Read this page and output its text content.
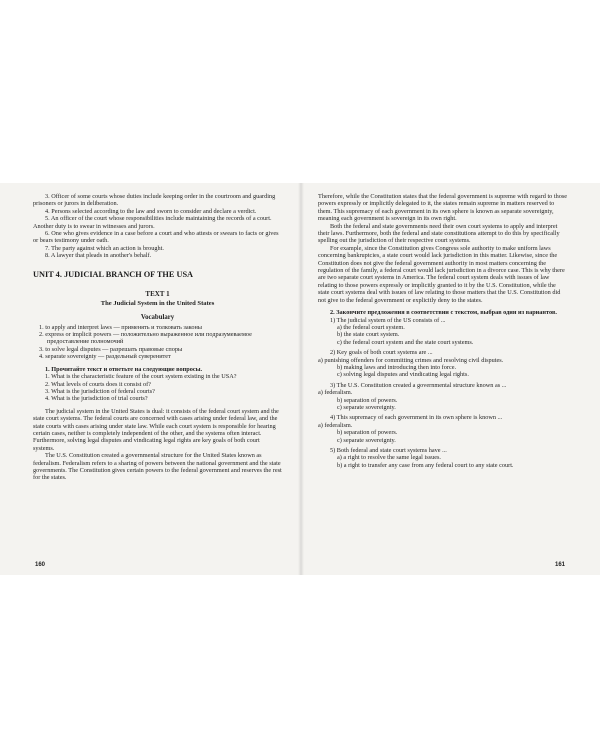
3. Officer of some courts whose duties include keeping order in the courtroom and guarding prisoners or jurors in deliberation.

4. Persons selected according to the law and sworn to consider and declare a verdict.

5. An officer of the court whose responsibilities include maintaining the records of a court. Another duty is to swear in witnesses and jurors.

6. One who gives evidence in a case before a court and who attests or swears to facts or gives or bears testimony under oath.

7. The party against which an action is brought.

8. A lawyer that pleads in another's behalf.

UNIT 4. JUDICIAL BRANCH OF THE USA

TEXT 1

The Judicial System in the United States

Vocabulary

1. to apply and interpret laws — применять и толковать законы

2. express or implicit powers — положительно выраженное или подразумеваемое предоставление полномочий

3. to solve legal disputes — разрешать правовые споры

4. separate sovereignty — раздельный суверенитет

1. Прочитайте текст и ответьте на следующие вопросы.

1. What is the characteristic feature of the court system existing in the USA?

2. What levels of courts does it consist of?

3. What is the jurisdiction of federal courts?

4. What is the jurisdiction of trial courts?

The judicial system in the United States is dual: it consists of the federal court system and the state court systems. The federal courts are concerned with cases arising under federal law, and the state courts with cases arising under state law. While each court system is responsible for hearing certain cases, neither is completely independent of the other, and the systems often interact. Furthermore, solving legal disputes and vindicating legal rights are key goals of both court systems.

The U.S. Constitution created a governmental structure for the United States known as federalism. Federalism refers to a sharing of powers between the national government and the state governments. The Constitution gives certain powers to the federal government and reserves the rest for the states.

Therefore, while the Constitution states that the federal government is supreme with regard to those powers expressly or implicitly delegated to it, the states remain supreme in matters reserved to them. This supremacy of each government in its own sphere is known as separate sovereignty, meaning each government is sovereign in its own right.

Both the federal and state governments need their own court systems to apply and interpret their laws. Furthermore, both the federal and state constitutions attempt to do this by specifically spelling out the jurisdiction of their respective court systems.

For example, since the Constitution gives Congress sole authority to make uniform laws concerning bankruptcies, a state court would lack jurisdiction in this matter. Likewise, since the Constitution does not give the federal government authority in most matters concerning the regulation of the family, a federal court would lack jurisdiction in a divorce case. This is why there are two separate court systems in America. The federal court system deals with issues of law relating to those powers expressly or implicitly granted to it by the U.S. Constitution, while the state court systems deal with issues of law relating to those matters that the U.S. Constitution did not give to the federal government or explicitly deny to the states.

2. Закончите предложения в соответствии с текстом, выбрав один из вариантов.

1) The judicial system of the US consists of ...

a) the federal court system.

b) the state court system.

c) the federal court system and the state court systems.

2) Key goals of both court systems are ...

a) punishing offenders for committing crimes and resolving civil disputes.

b) making laws and introducing then into force.

c) solving legal disputes and vindicating legal rights.

3) The U.S. Constitution created a governmental structure known as ...

a) federalism.

b) separation of powers.

c) separate sovereignty.

4) This supremacy of each government in its own sphere is known ...

a) federalism.

b) separation of powers.

c) separate sovereignty.

5) Both federal and state court systems have ...

a) a right to resolve the same legal issues.

b) a right to transfer any case from any federal court to any state court.

160	161
